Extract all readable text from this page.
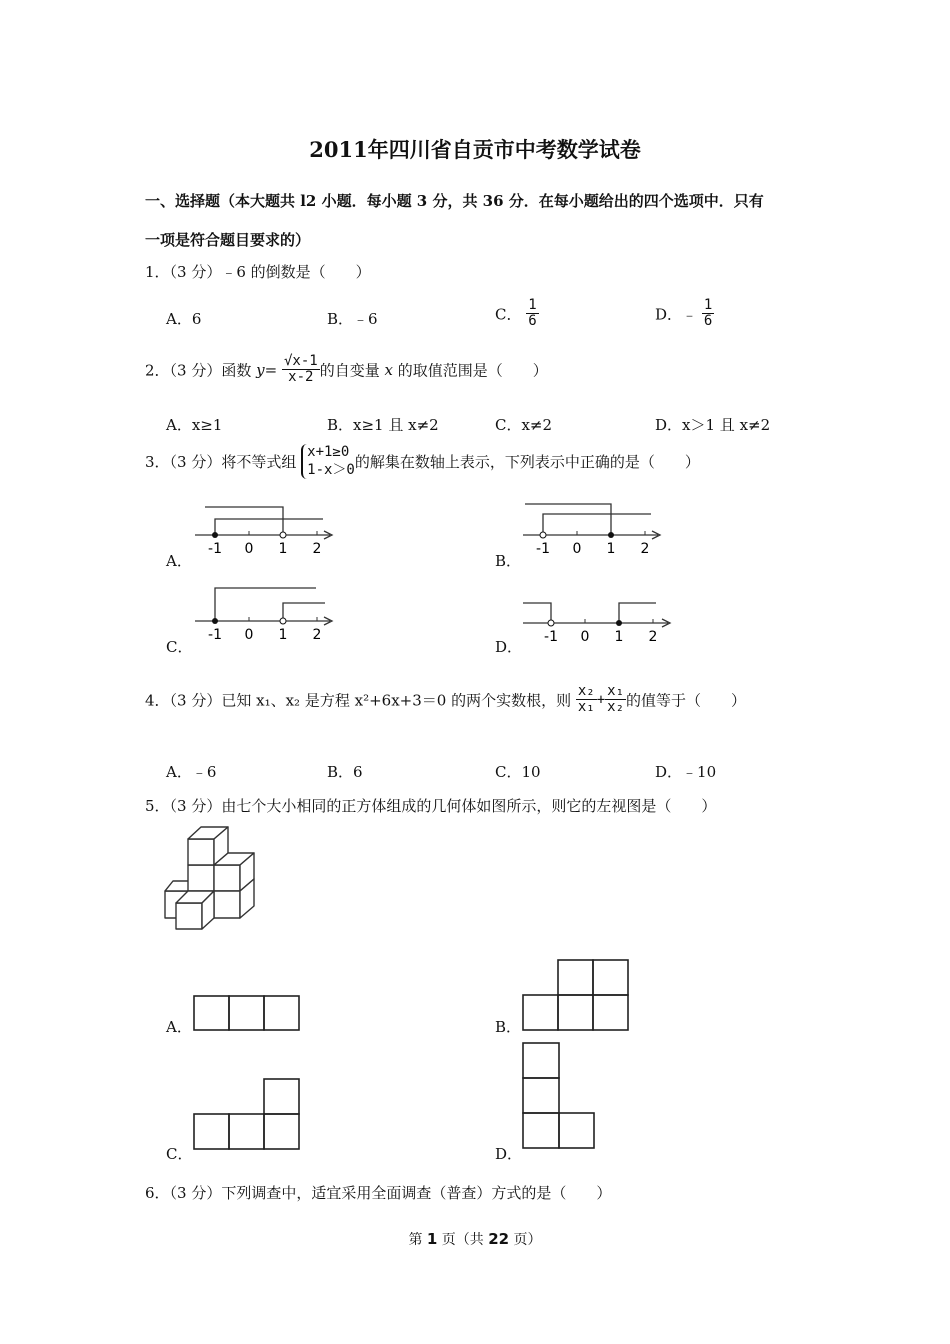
2011年四川省自贡市中考数学试卷
一、选择题（本大题共 l2 小题．每小题 3 分，共 36 分．在每小题给出的四个选项中．只有
一项是符合题目要求的）
1．（3 分）﹣6 的倒数是（　　）
A．6	B．﹣6	C． $\frac{1}{6}$	D．﹣ $\frac{1}{6}$
2．（3 分）函数 $y= \frac{√x-1}{x-2}$ 的自变量 x 的取值范围是（　　）
A．x≥1	B．x≥1 且 x≠2	C．x≠2	D．x＞1 且 x≠2
3．（3 分）将不等式组
x+1≥0
1-x＞0 的解集在数轴上表示，下列表示中正确的是（　　）
A．
-1 0 1 2
B．
-1 0 1 2
C．
-1 0 1 2
D．
-1 0 1 2
4．（3 分）已知 x₁、x₂ 是方程 x²+6x+3＝0 的两个实数根，则 $\frac{\text{x₂}}{\text{x₁}} + \frac{\text{x₁}}{\text{x₂}}$ 的值等于（　　）
A．﹣6	B．6	C．10	D．﹣10
5．（3 分）由七个大小相同的正方体组成的几何体如图所示，则它的左视图是（　　）
A．	B．
C．	D．
6．（3 分）下列调查中，适宜采用全面调查（普查）方式的是（　　）
第 1 页（共 22 页）
